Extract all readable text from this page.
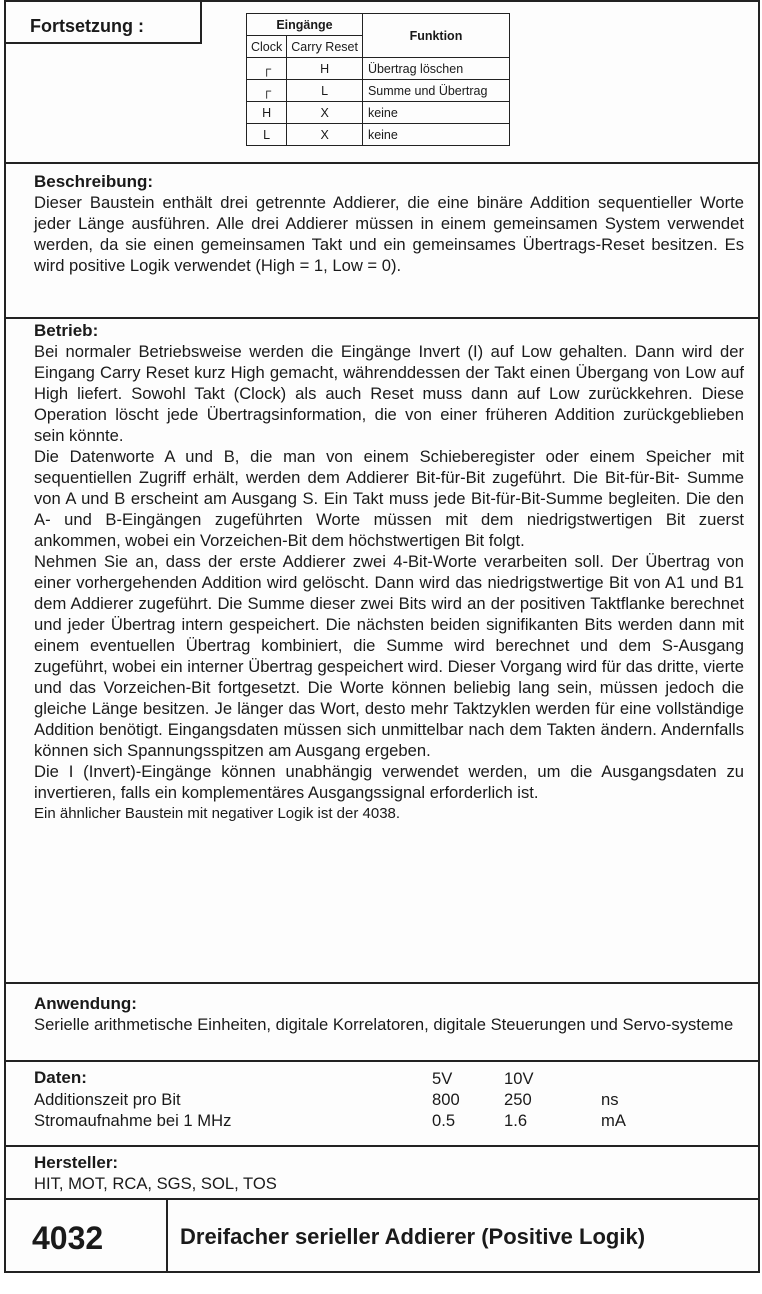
Fortsetzung :	Eingänge		Funktion
Clock	Carry Reset	
┌	H	Übertrag löschen
┌	L	Summe und Übertrag
H	X	keine
L	X	keine
Beschreibung:
Dieser Baustein enthält drei getrennte Addierer, die eine binäre Addition sequentieller Worte jeder Länge ausführen. Alle drei Addierer müssen in einem gemeinsamen System verwendet werden, da sie einen gemeinsamen Takt und ein gemeinsames Übertrags-Reset besitzen. Es wird positive Logik verwendet (High = 1, Low = 0).
Betrieb:
Bei normaler Betriebsweise werden die Eingänge Invert (I) auf Low gehalten. Dann wird der Eingang Carry Reset kurz High gemacht, währenddessen der Takt einen Übergang von Low auf High liefert. Sowohl Takt (Clock) als auch Reset muss dann auf Low zurückkehren. Diese Operation löscht jede Übertragsinformation, die von einer früheren Addition zurückgeblieben sein könnte.
Die Datenworte A und B, die man von einem Schieberegister oder einem Speicher mit sequentiellen Zugriff erhält, werden dem Addierer Bit-für-Bit zugeführt. Die Bit-für-Bit- Summe von A und B erscheint am Ausgang S. Ein Takt muss jede Bit-für-Bit-Summe begleiten. Die den A- und B-Eingängen zugeführten Worte müssen mit dem niedrigstwertigen Bit zuerst ankommen, wobei ein Vorzeichen-Bit dem höchstwertigen Bit folgt.
Nehmen Sie an, dass der erste Addierer zwei 4-Bit-Worte verarbeiten soll. Der Übertrag von einer vorhergehenden Addition wird gelöscht. Dann wird das niedrigstwertige Bit von A1 und B1 dem Addierer zugeführt. Die Summe dieser zwei Bits wird an der positiven Taktflanke berechnet und jeder Übertrag intern gespeichert. Die nächsten beiden signifikanten Bits werden dann mit einem eventuellen Übertrag kombiniert, die Summe wird berechnet und dem S-Ausgang zugeführt, wobei ein interner Übertrag gespeichert wird. Dieser Vorgang wird für das dritte, vierte und das Vorzeichen-Bit fortgesetzt. Die Worte können beliebig lang sein, müssen jedoch die gleiche Länge besitzen. Je länger das Wort, desto mehr Taktzyklen werden für eine vollständige Addition benötigt. Eingangsdaten müssen sich unmittelbar nach dem Takten ändern. Andernfalls können sich Spannungsspitzen am Ausgang ergeben.
Die I (Invert)-Eingänge können unabhängig verwendet werden, um die Ausgangsdaten zu invertieren, falls ein komplementäres Ausgangssignal erforderlich ist.
Ein ähnlicher Baustein mit negativer Logik ist der 4038.
Anwendung:
Serielle arithmetische Einheiten, digitale Korrelatoren, digitale Steuerungen und Servo-systeme
Daten:	5V	10V
Additionszeit pro Bit	800	250	ns
Stromaufnahme bei 1 MHz	0.5	1.6	mA
Hersteller:
HIT, MOT, RCA, SGS, SOL, TOS
4032	Dreifacher serieller Addierer (Positive Logik)
